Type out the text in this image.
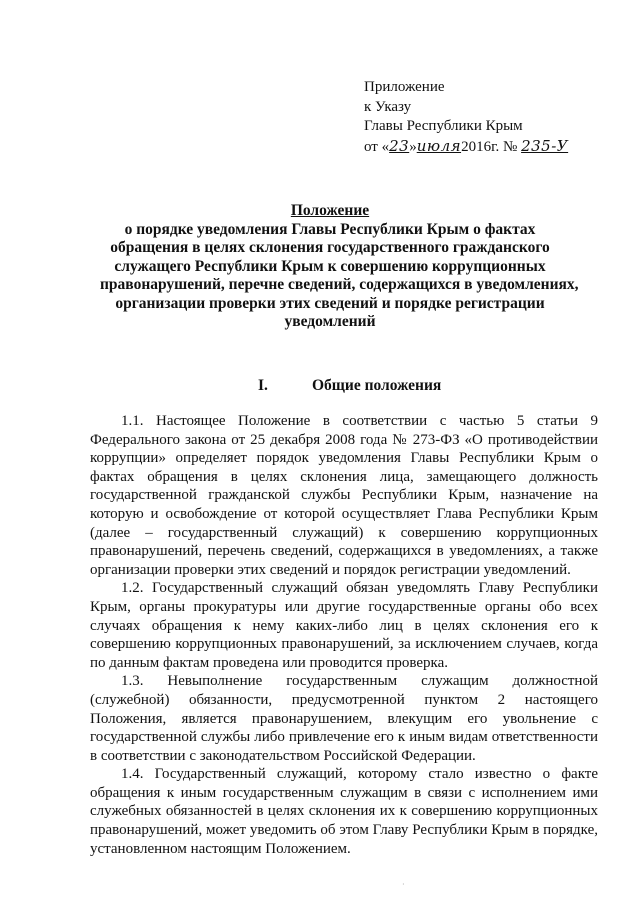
Приложение
к Указу
Главы Республики Крым
от «23»июля2016г. № 235-У
Положение
о порядке уведомления Главы Республики Крым о фактах
обращения в целях склонения государственного гражданского
служащего Республики Крым к совершению коррупционных
правонарушений, перечне сведений, содержащихся в уведомлениях,
организации проверки этих сведений и порядке регистрации
уведомлений
I.	Общие положения

1.1. Настоящее Положение в соответствии с частью 5 статьи 9 Федерального закона от 25 декабря 2008 года № 273-ФЗ «О противодействии коррупции» определяет порядок уведомления Главы Республики Крым о фактах обращения в целях склонения лица, замещающего должность государственной гражданской службы Республики Крым, назначение на которую и освобождение от которой осуществляет Глава Республики Крым (далее – государственный служащий) к совершению коррупционных правонарушений, перечень сведений, содержащихся в уведомлениях, а также организации проверки этих сведений и порядок регистрации уведомлений.

1.2. Государственный служащий обязан уведомлять Главу Республики Крым, органы прокуратуры или другие государственные органы обо всех случаях обращения к нему каких-либо лиц в целях склонения его к совершению коррупционных правонарушений, за исключением случаев, когда по данным фактам проведена или проводится проверка.

1.3. Невыполнение государственным служащим должностной (служебной) обязанности, предусмотренной пунктом 2 настоящего Положения, является правонарушением, влекущим его увольнение с государственной службы либо привлечение его к иным видам ответственности в соответствии с законодательством Российской Федерации.

1.4. Государственный служащий, которому стало известно о факте обращения к иным государственным служащим в связи с исполнением ими служебных обязанностей в целях склонения их к совершению коррупционных правонарушений, может уведомить об этом Главу Республики Крым в порядке, установленном настоящим Положением.

·
